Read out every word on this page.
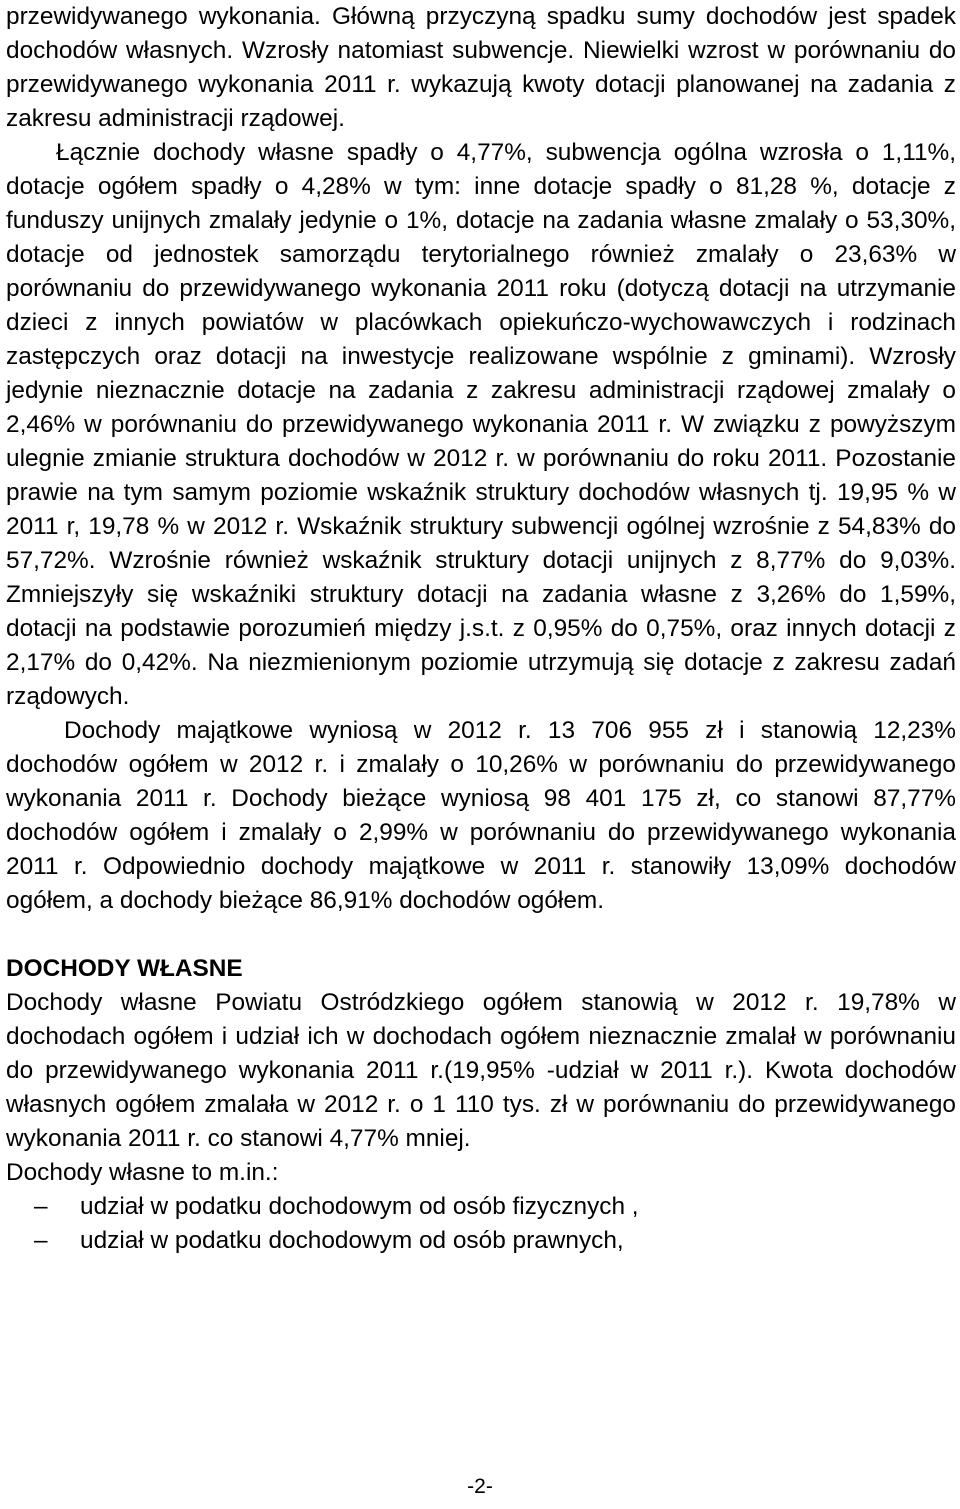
przewidywanego wykonania. Główną przyczyną spadku sumy dochodów jest spadek dochodów własnych. Wzrosły natomiast subwencje. Niewielki wzrost w porównaniu do przewidywanego wykonania 2011 r. wykazują kwoty dotacji planowanej na zadania z zakresu administracji rządowej.

Łącznie dochody własne spadły o 4,77%, subwencja ogólna wzrosła o 1,11%, dotacje ogółem spadły o 4,28% w tym: inne dotacje spadły o 81,28 %, dotacje z funduszy unijnych zmalały jedynie o 1%, dotacje na zadania własne zmalały o 53,30%, dotacje od jednostek samorządu terytorialnego również zmalały o 23,63% w porównaniu do przewidywanego wykonania 2011 roku (dotyczą dotacji na utrzymanie dzieci z innych powiatów w placówkach opiekuńczo-wychowawczych i rodzinach zastępczych oraz dotacji na inwestycje realizowane wspólnie z gminami). Wzrosły jedynie nieznacznie dotacje na zadania z zakresu administracji rządowej zmalały o 2,46% w porównaniu do przewidywanego wykonania 2011 r. W związku z powyższym ulegnie zmianie struktura dochodów w 2012 r. w porównaniu do roku 2011. Pozostanie prawie na tym samym poziomie wskaźnik struktury dochodów własnych tj. 19,95 % w 2011 r, 19,78 % w 2012 r. Wskaźnik struktury subwencji ogólnej wzrośnie z 54,83% do 57,72%. Wzrośnie również wskaźnik struktury dotacji unijnych z 8,77% do 9,03%. Zmniejszyły się wskaźniki struktury dotacji na zadania własne z 3,26% do 1,59%, dotacji na podstawie porozumień między j.s.t. z 0,95% do 0,75%, oraz innych dotacji z 2,17% do 0,42%. Na niezmienionym poziomie utrzymują się dotacje z zakresu zadań rządowych.

Dochody majątkowe wyniosą w 2012 r. 13 706 955 zł i stanowią 12,23% dochodów ogółem w 2012 r. i zmalały o 10,26% w porównaniu do przewidywanego wykonania 2011 r. Dochody bieżące wyniosą 98 401 175 zł, co stanowi 87,77% dochodów ogółem i zmalały o 2,99% w porównaniu do przewidywanego wykonania 2011 r. Odpowiednio dochody majątkowe w 2011 r. stanowiły 13,09% dochodów ogółem, a dochody bieżące 86,91% dochodów ogółem.

DOCHODY WŁASNE

Dochody własne Powiatu Ostródzkiego ogółem stanowią w 2012 r. 19,78% w dochodach ogółem i udział ich w dochodach ogółem nieznacznie zmalał w porównaniu do przewidywanego wykonania 2011 r.(19,95% -udział w 2011 r.). Kwota dochodów własnych ogółem zmalała w 2012 r. o 1 110 tys. zł w porównaniu do przewidywanego wykonania 2011 r. co stanowi 4,77% mniej.

Dochody własne to m.in.:

– udział w podatku dochodowym od osób fizycznych ,
– udział w podatku dochodowym od osób prawnych,
-2-
